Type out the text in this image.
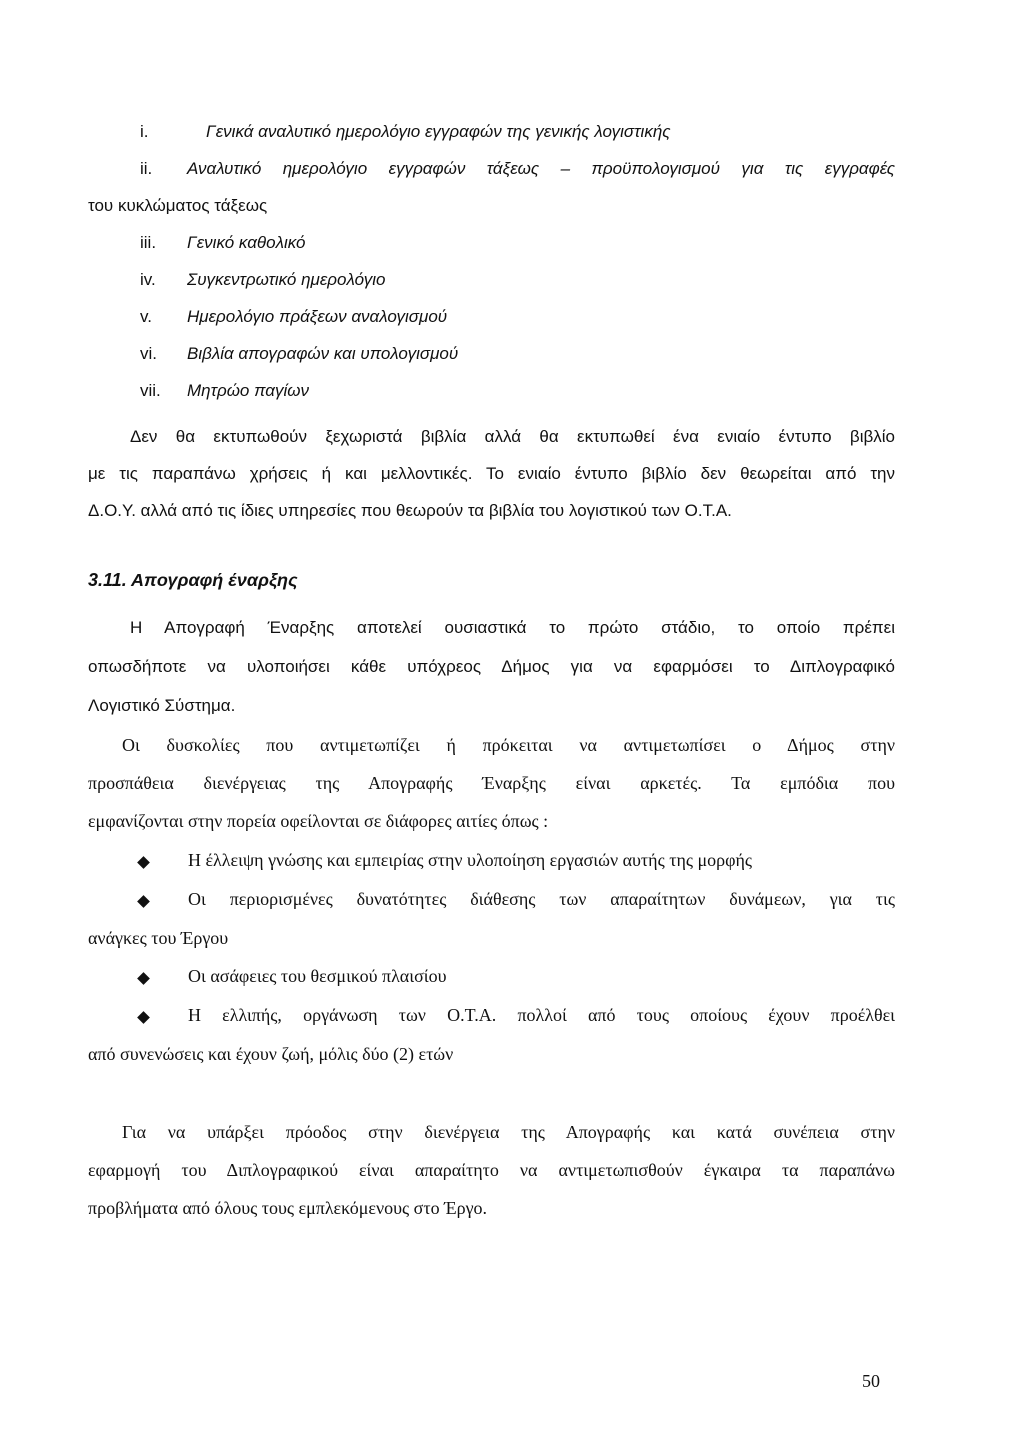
i.	Γενικά αναλυτικό ημερολόγιο εγγραφών της γενικής λογιστικής
ii. Αναλυτικό ημερολόγιο εγγραφών τάξεως – προϋπολογισμού για τις εγγραφές
του κυκλώματος τάξεως
iii. Γενικό καθολικό
iv. Συγκεντρωτικό ημερολόγιο
v. Ημερολόγιο πράξεων αναλογισμού
vi. Βιβλία απογραφών και υπολογισμού
vii. Μητρώο παγίων
Δεν θα εκτυπωθούν ξεχωριστά βιβλία αλλά θα εκτυπωθεί ένα ενιαίο έντυπο βιβλίο
με τις παραπάνω χρήσεις ή και μελλοντικές. Το ενιαίο έντυπο βιβλίο δεν θεωρείται από την
Δ.Ο.Υ. αλλά από τις ίδιες υπηρεσίες που θεωρούν τα βιβλία του λογιστικού των Ο.Τ.Α.
3.11. Απογραφή έναρξης
Η Απογραφή Έναρξης αποτελεί ουσιαστικά το πρώτο στάδιο, το οποίο πρέπει
οπωσδήποτε να υλοποιήσει κάθε υπόχρεος Δήμος για να εφαρμόσει το Διπλογραφικό
Λογιστικό Σύστημα.
Οι δυσκολίες που αντιμετωπίζει ή πρόκειται να αντιμετωπίσει ο Δήμος στην
προσπάθεια διενέργειας της Απογραφής Έναρξης είναι αρκετές. Τα εμπόδια που
εμφανίζονται στην πορεία οφείλονται σε διάφορες αιτίες όπως :
Η έλλειψη γνώσης και εμπειρίας στην υλοποίηση εργασιών αυτής της μορφής
Οι περιορισμένες δυνατότητες διάθεσης των απαραίτητων δυνάμεων, για τις
ανάγκες του Έργου
Οι ασάφειες του θεσμικού πλαισίου
Η ελλιπής, οργάνωση των Ο.Τ.Α. πολλοί από τους οποίους έχουν προέλθει
από συνενώσεις και έχουν ζωή, μόλις δύο (2) ετών
Για να υπάρξει πρόοδος στην διενέργεια της Απογραφής και κατά συνέπεια στην
εφαρμογή του Διπλογραφικού είναι απαραίτητο να αντιμετωπισθούν έγκαιρα τα παραπάνω
προβλήματα από όλους τους εμπλεκόμενους στο Έργο.
50
